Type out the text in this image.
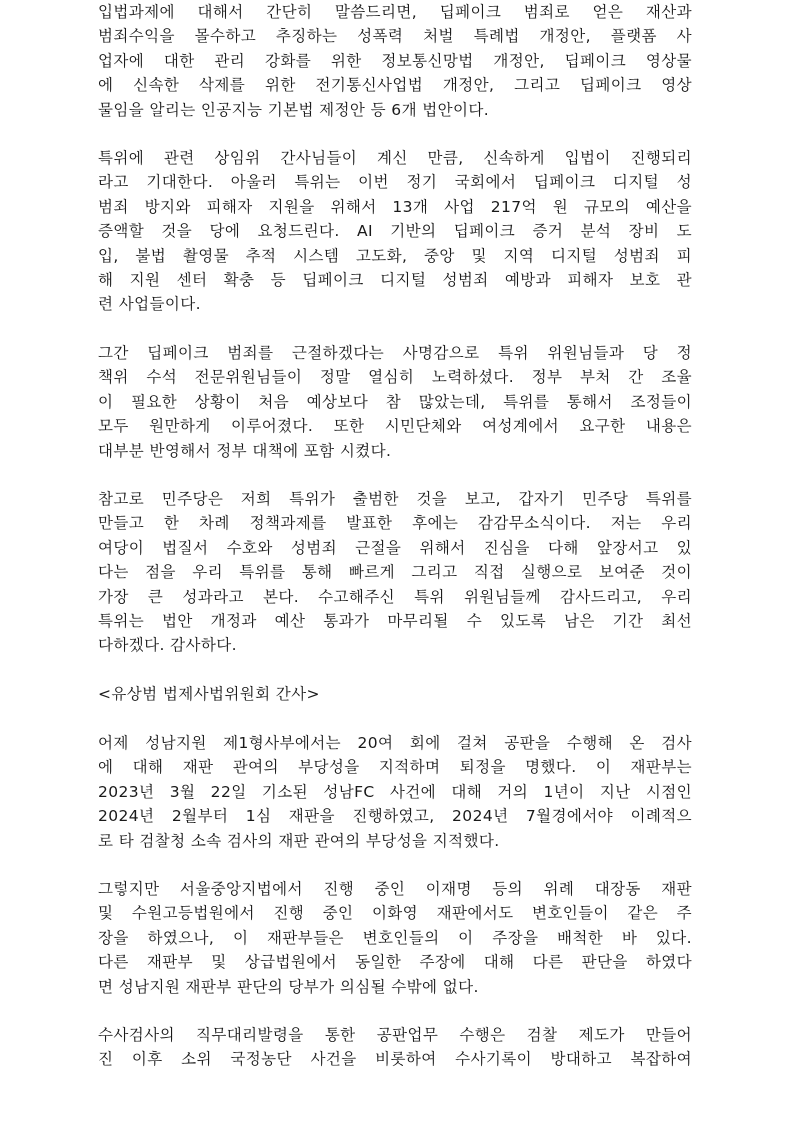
입법과제에 대해서 간단히 말씀드리면, 딥페이크 범죄로 얻은 재산과
범죄수익을 몰수하고 추징하는 성폭력 처벌 특례법 개정안, 플랫폼 사
업자에 대한 관리 강화를 위한 정보통신망법 개정안, 딥페이크 영상물
에 신속한 삭제를 위한 전기통신사업법 개정안, 그리고 딥페이크 영상
물임을 알리는 인공지능 기본법 제정안 등 6개 법안이다.
특위에 관련 상임위 간사님들이 계신 만큼, 신속하게 입법이 진행되리
라고 기대한다. 아울러 특위는 이번 정기 국회에서 딥페이크 디지털 성
범죄 방지와 피해자 지원을 위해서 13개 사업 217억 원 규모의 예산을
증액할 것을 당에 요청드린다. AI 기반의 딥페이크 증거 분석 장비 도
입, 불법 촬영물 추적 시스템 고도화, 중앙 및 지역 디지털 성범죄 피
해 지원 센터 확충 등 딥페이크 디지털 성범죄 예방과 피해자 보호 관
련 사업들이다.
그간 딥페이크 범죄를 근절하겠다는 사명감으로 특위 위원님들과 당 정
책위 수석 전문위원님들이 정말 열심히 노력하셨다. 정부 부처 간 조율
이 필요한 상황이 처음 예상보다 참 많았는데, 특위를 통해서 조정들이
모두 원만하게 이루어졌다. 또한 시민단체와 여성계에서 요구한 내용은
대부분 반영해서 정부 대책에 포함 시켰다.
참고로 민주당은 저희 특위가 출범한 것을 보고, 갑자기 민주당 특위를
만들고 한 차례 정책과제를 발표한 후에는 감감무소식이다. 저는 우리
여당이 법질서 수호와 성범죄 근절을 위해서 진심을 다해 앞장서고 있
다는 점을 우리 특위를 통해 빠르게 그리고 직접 실행으로 보여준 것이
가장 큰 성과라고 본다. 수고해주신 특위 위원님들께 감사드리고, 우리
특위는 법안 개정과 예산 통과가 마무리될 수 있도록 남은 기간 최선
다하겠다. 감사하다.
<유상범 법제사법위원회 간사>
어제 성남지원 제1형사부에서는 20여 회에 걸쳐 공판을 수행해 온 검사
에 대해 재판 관여의 부당성을 지적하며 퇴정을 명했다. 이 재판부는
2023년 3월 22일 기소된 성남FC 사건에 대해 거의 1년이 지난 시점인
2024년 2월부터 1심 재판을 진행하였고, 2024년 7월경에서야 이례적으
로 타 검찰청 소속 검사의 재판 관여의 부당성을 지적했다.
그렇지만 서울중앙지법에서 진행 중인 이재명 등의 위례 대장동 재판
및 수원고등법원에서 진행 중인 이화영 재판에서도 변호인들이 같은 주
장을 하였으나, 이 재판부들은 변호인들의 이 주장을 배척한 바 있다.
다른 재판부 및 상급법원에서 동일한 주장에 대해 다른 판단을 하였다
면 성남지원 재판부 판단의 당부가 의심될 수밖에 없다.
수사검사의 직무대리발령을 통한 공판업무 수행은 검찰 제도가 만들어
진 이후 소위 국정농단 사건을 비롯하여 수사기록이 방대하고 복잡하여
